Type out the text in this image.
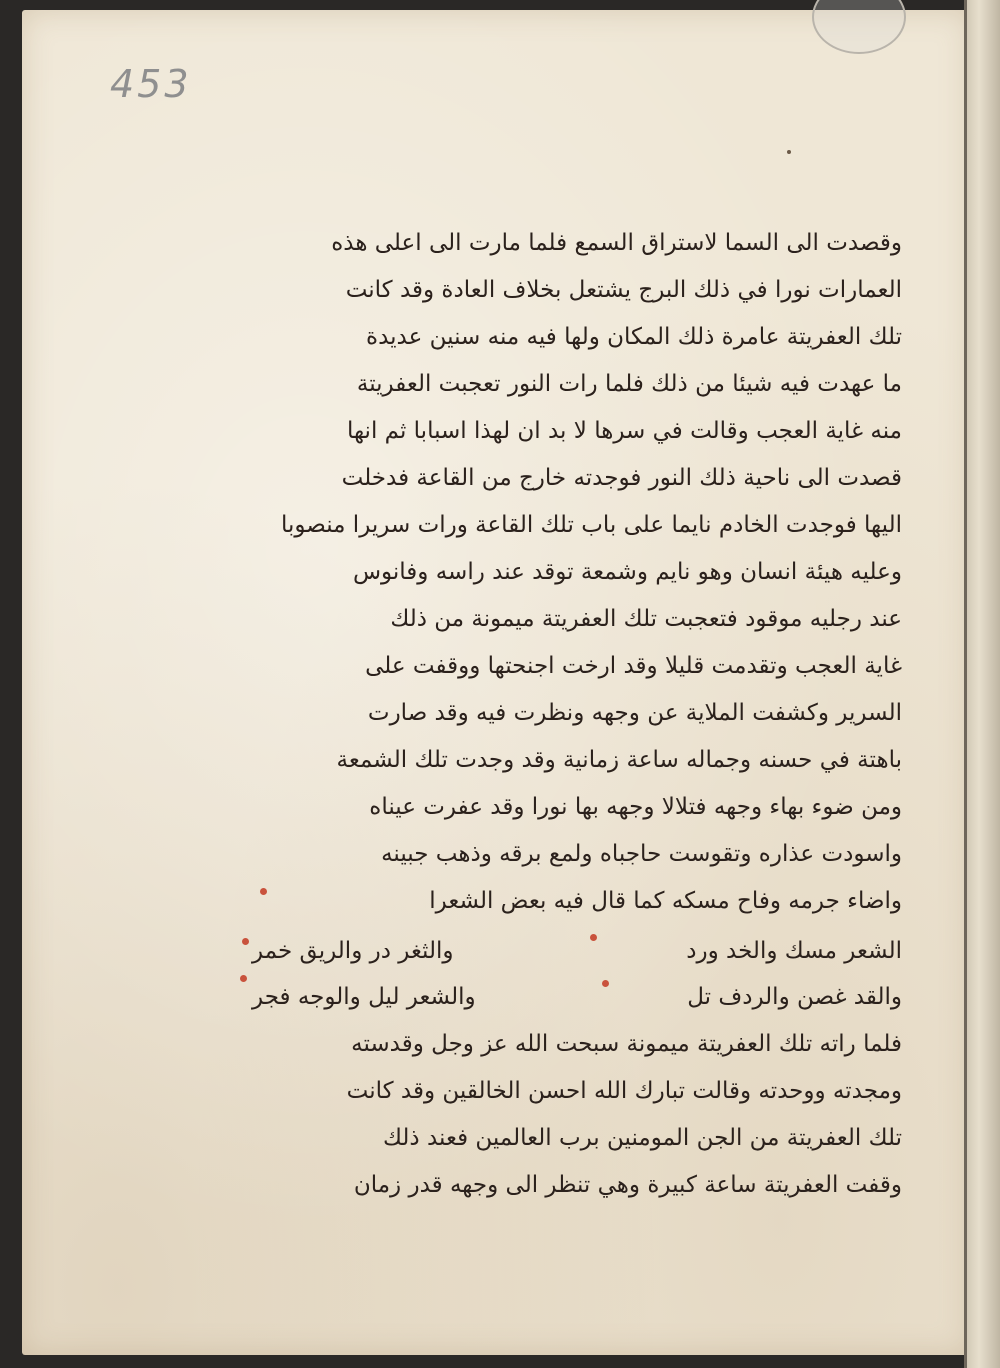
453
وقصدت الى السما لاستراق السمع فلما مارت الى اعلى هذه
العمارات نورا في ذلك البرج يشتعل بخلاف العادة وقد كانت
تلك العفريتة عامرة ذلك المكان ولها فيه منه سنين عديدة
ما عهدت فيه شيئا من ذلك فلما رات النور تعجبت العفريتة
منه غاية العجب وقالت في سرها لا بد ان لهذا اسبابا ثم انها
قصدت الى ناحية ذلك النور فوجدته خارج من القاعة فدخلت
اليها فوجدت الخادم نايما على باب تلك القاعة ورات سريرا منصوبا
وعليه هيئة انسان وهو نايم وشمعة توقد عند راسه وفانوس
عند رجليه موقود فتعجبت تلك العفريتة ميمونة من ذلك
غاية العجب وتقدمت قليلا وقد ارخت اجنحتها ووقفت على
السرير وكشفت الملاية عن وجهه ونظرت فيه وقد صارت
باهتة في حسنه وجماله ساعة زمانية وقد وجدت تلك الشمعة
ومن ضوء بهاء وجهه فتلالا وجهه بها نورا وقد عفرت عيناه
واسودت عذاره وتقوست حاجباه ولمع برقه وذهب جبينه
واضاء جرمه وفاح مسكه كما قال فيه بعض الشعرا
الشعر مسك والخد ورد
والثغر در والريق خمر
والقد غصن والردف تل
والشعر ليل والوجه فجر
فلما راته تلك العفريتة ميمونة سبحت الله عز وجل وقدسته
ومجدته ووحدته وقالت تبارك الله احسن الخالقين وقد كانت
تلك العفريتة من الجن المومنين برب العالمين فعند ذلك
وقفت العفريتة ساعة كبيرة وهي تنظر الى وجهه قدر زمان
